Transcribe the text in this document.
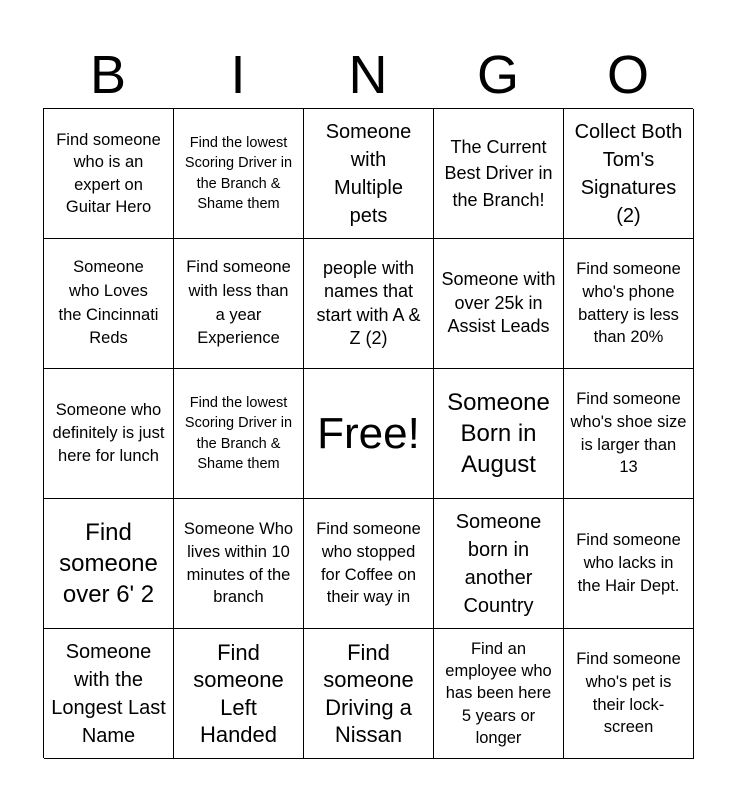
B	I	N	G	O
Find someone who is an expert on Guitar Hero
Find the lowest Scoring Driver in the Branch & Shame them
Someone with Multiple pets
The Current Best Driver in the Branch!
Collect Both Tom's Signatures (2)
Someone who Loves the Cincinnati Reds
Find someone with less than a year Experience
people with names that start with A & Z (2)
Someone with over 25k in Assist Leads
Find someone who's phone battery is less than 20%
Someone who definitely is just here for lunch
Find the lowest Scoring Driver in the Branch & Shame them
Free!
Someone Born in August
Find someone who's shoe size is larger than 13
Find someone over 6' 2
Someone Who lives within 10 minutes of the branch
Find someone who stopped for Coffee on their way in
Someone born in another Country
Find someone who lacks in the Hair Dept.
Someone with the Longest Last Name
Find someone Left Handed
Find someone Driving a Nissan
Find an employee who has been here 5 years or longer
Find someone who's pet is their lock-screen
